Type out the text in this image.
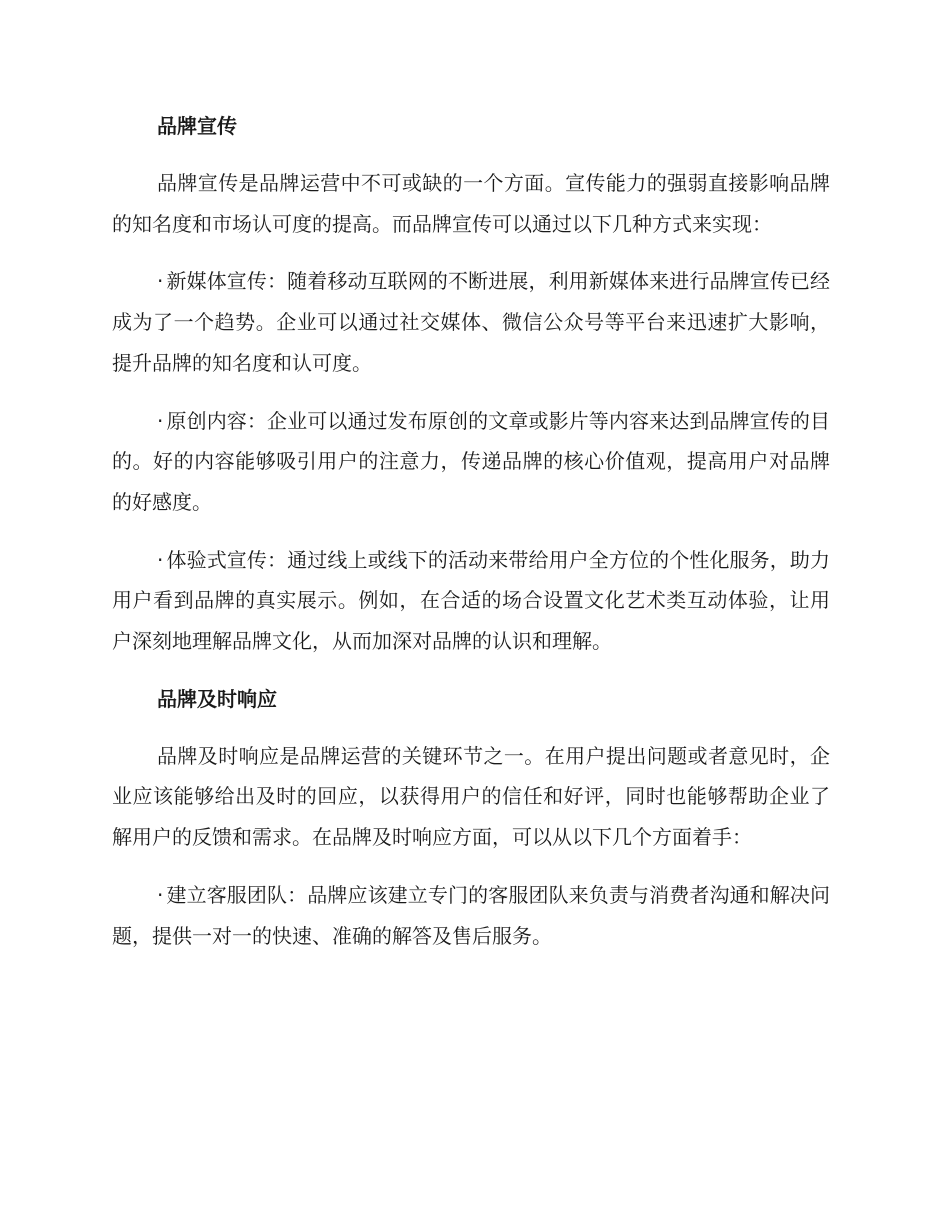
品牌宣传

品牌宣传是品牌运营中不可或缺的一个方面。宣传能力的强弱直接影响品牌的知名度和市场认可度的提高。而品牌宣传可以通过以下几种方式来实现：

· 新媒体宣传：随着移动互联网的不断进展，利用新媒体来进行品牌宣传已经成为了一个趋势。企业可以通过社交媒体、微信公众号等平台来迅速扩大影响，提升品牌的知名度和认可度。

· 原创内容：企业可以通过发布原创的文章或影片等内容来达到品牌宣传的目的。好的内容能够吸引用户的注意力，传递品牌的核心价值观，提高用户对品牌的好感度。

· 体验式宣传：通过线上或线下的活动来带给用户全方位的个性化服务，助力用户看到品牌的真实展示。例如，在合适的场合设置文化艺术类互动体验，让用户深刻地理解品牌文化，从而加深对品牌的认识和理解。

品牌及时响应

品牌及时响应是品牌运营的关键环节之一。在用户提出问题或者意见时，企业应该能够给出及时的回应，以获得用户的信任和好评，同时也能够帮助企业了解用户的反馈和需求。在品牌及时响应方面，可以从以下几个方面着手：

· 建立客服团队：品牌应该建立专门的客服团队来负责与消费者沟通和解决问题，提供一对一的快速、准确的解答及售后服务。
